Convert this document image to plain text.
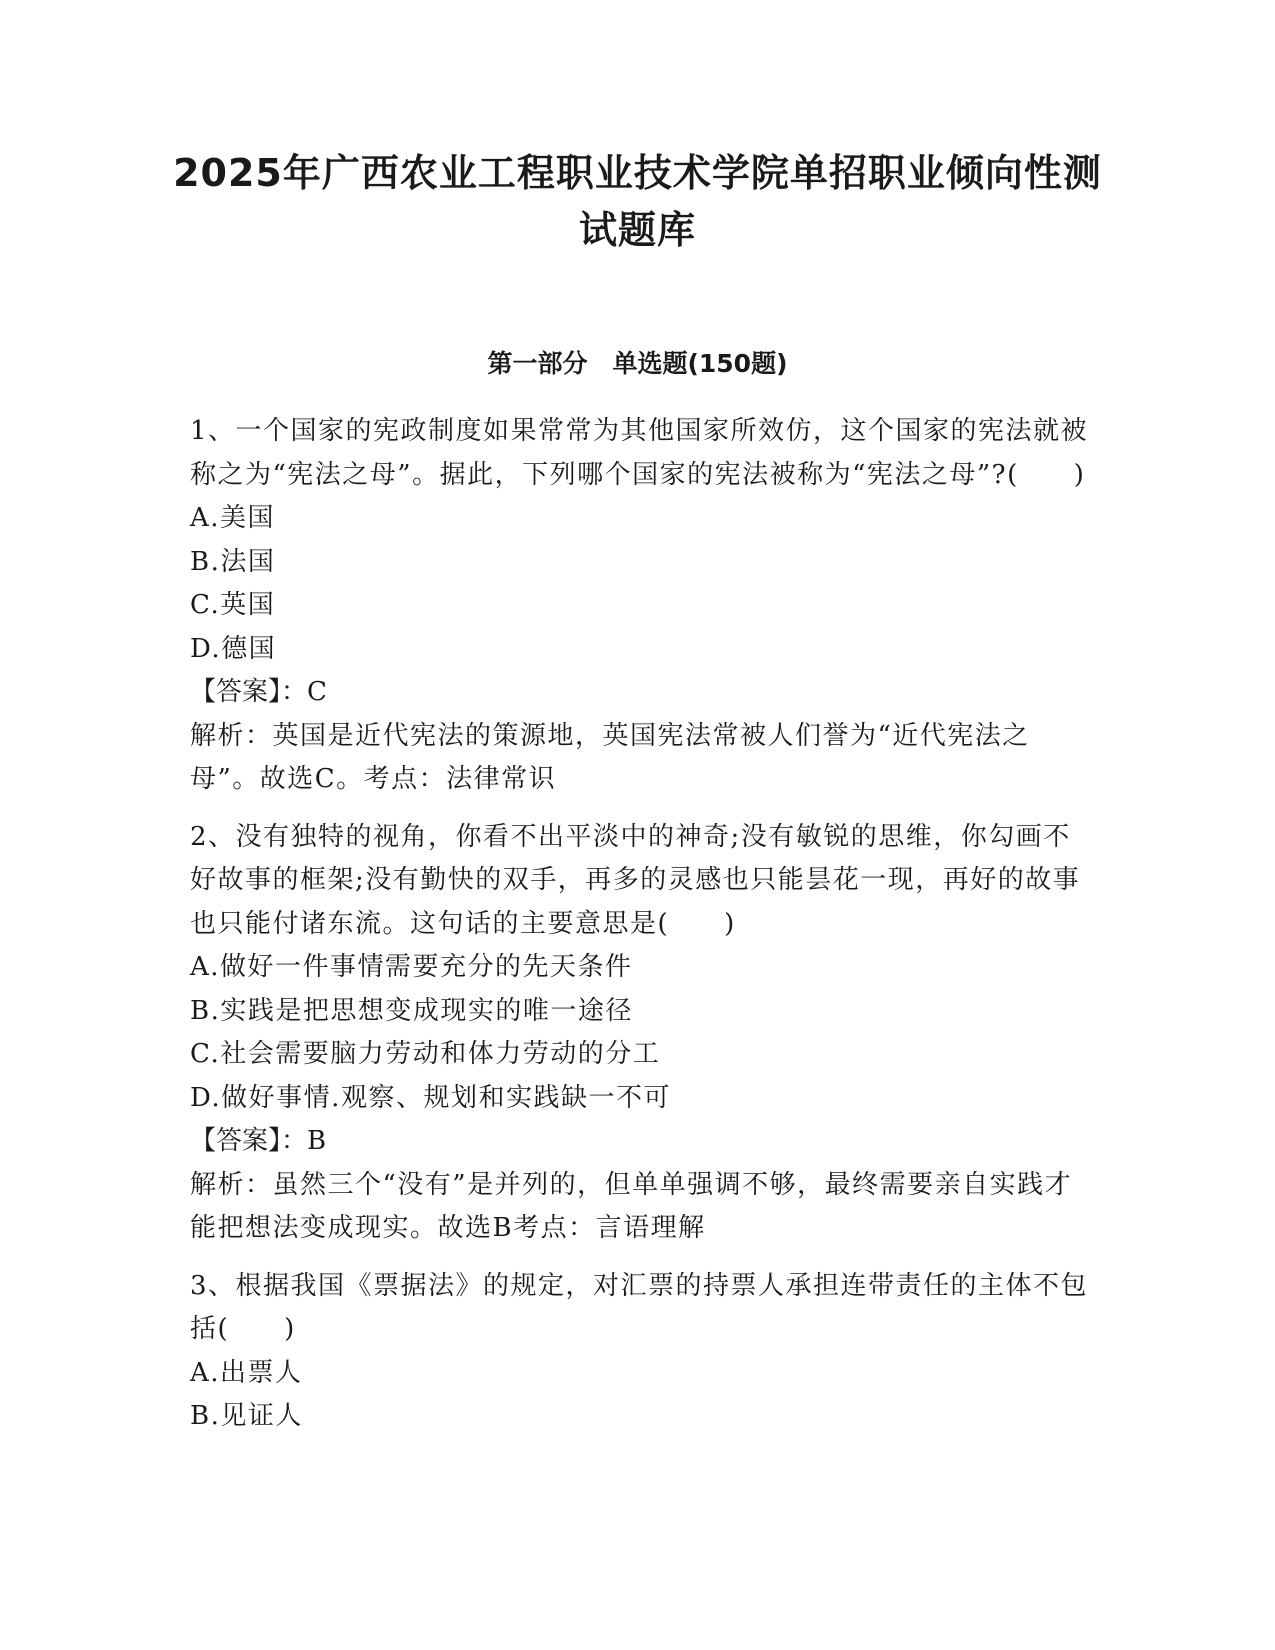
2025年广西农业工程职业技术学院单招职业倾向性测试题库
第一部分　单选题(150题)

1、一个国家的宪政制度如果常常为其他国家所效仿，这个国家的宪法就被称之为“宪法之母”。据此，下列哪个国家的宪法被称为“宪法之母”?(　　)

A.美国

B.法国

C.英国

D.德国

【答案】：C

解析：英国是近代宪法的策源地，英国宪法常被人们誉为“近代宪法之母”。故选C。考点：法律常识

2、没有独特的视角，你看不出平淡中的神奇;没有敏锐的思维，你勾画不好故事的框架;没有勤快的双手，再多的灵感也只能昙花一现，再好的故事也只能付诸东流。这句话的主要意思是(　　)

A.做好一件事情需要充分的先天条件

B.实践是把思想变成现实的唯一途径

C.社会需要脑力劳动和体力劳动的分工

D.做好事情.观察、规划和实践缺一不可

【答案】：B

解析：虽然三个“没有”是并列的，但单单强调不够，最终需要亲自实践才能把想法变成现实。故选B考点：言语理解

3、根据我国《票据法》的规定，对汇票的持票人承担连带责任的主体不包括(　　)

A.出票人

B.见证人
